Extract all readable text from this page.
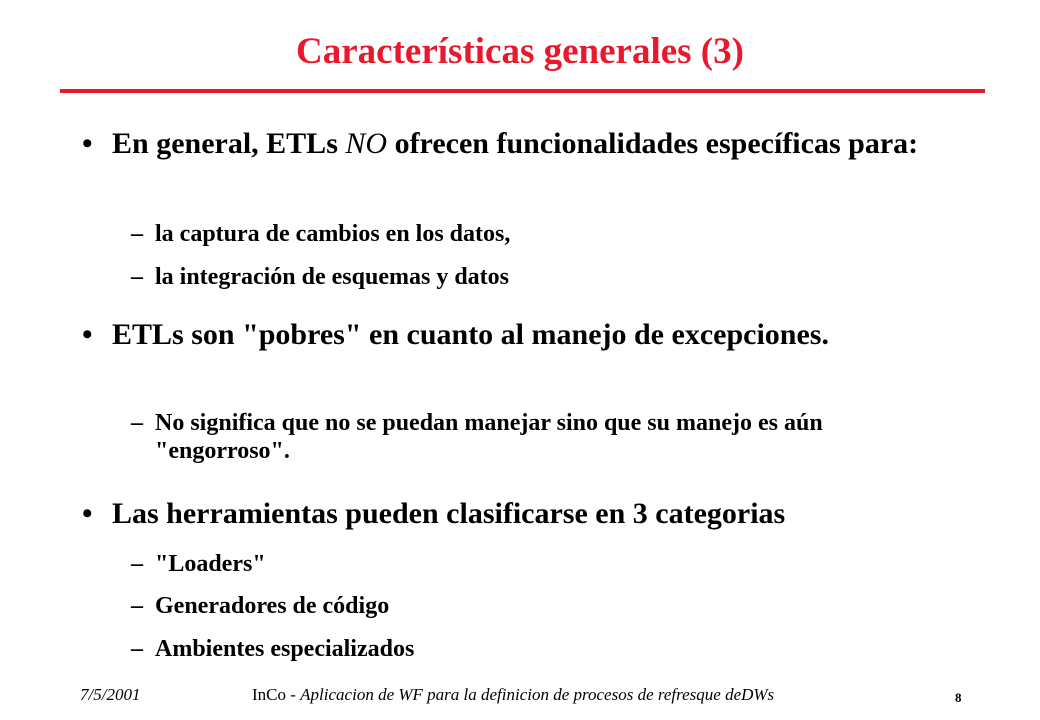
Características generales (3)
• En general, ETLs NO ofrecen funcionalidades específicas para:
– la captura de cambios en los datos,
– la integración de esquemas y datos
• ETLs son "pobres" en cuanto al manejo de excepciones.
– No significa que no se puedan manejar sino que su manejo es aún "engorroso".
• Las herramientas pueden clasificarse en 3 categorias
– "Loaders"
– Generadores de código
– Ambientes especializados
7/5/2001	InCo - Aplicacion de WF para la definicion de procesos de refresque deDWs	8
